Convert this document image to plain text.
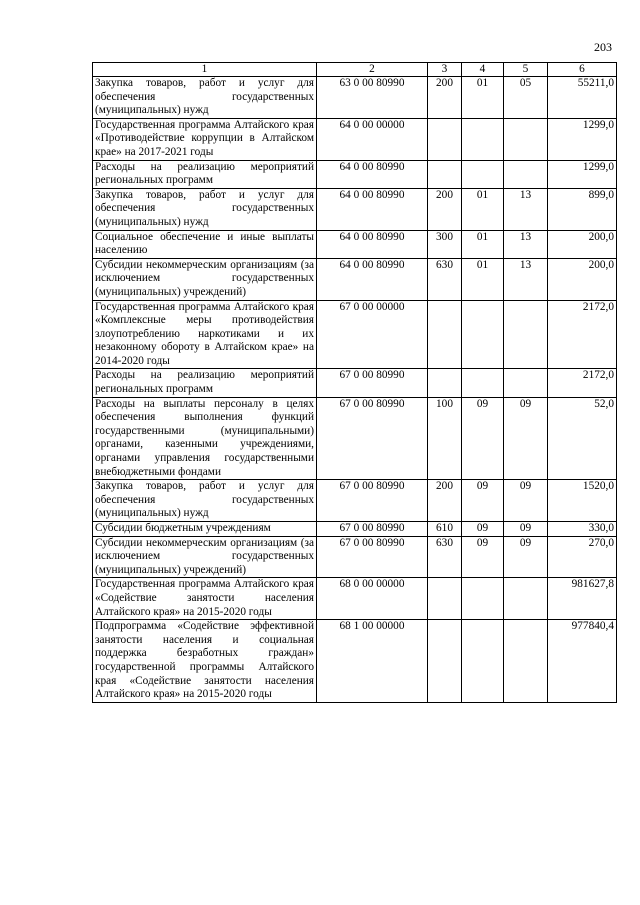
203
1	2	3	4	5	6
Закупка товаров, работ и услуг для обеспечения государственных (муниципальных) нужд	63 0 00 80990	200	01	05	55211,0
Государственная программа Алтайского края «Противодействие коррупции в Алтайском крае» на 2017-2021 годы	64 0 00 00000				1299,0
Расходы на реализацию мероприятий региональных программ	64 0 00 80990				1299,0
Закупка товаров, работ и услуг для обеспечения государственных (муниципальных) нужд	64 0 00 80990	200	01	13	899,0
Социальное обеспечение и иные выплаты населению	64 0 00 80990	300	01	13	200,0
Субсидии некоммерческим организациям (за исключением государственных (муниципальных) учреждений)	64 0 00 80990	630	01	13	200,0
Государственная программа Алтайского края «Комплексные меры противодействия злоупотреблению наркотиками и их незаконному обороту в Алтайском крае» на 2014-2020 годы	67 0 00 00000				2172,0
Расходы на реализацию мероприятий региональных программ	67 0 00 80990				2172,0
Расходы на выплаты персоналу в целях обеспечения выполнения функций государственными (муниципальными) органами, казенными учреждениями, органами управления государственными внебюджетными фондами	67 0 00 80990	100	09	09	52,0
Закупка товаров, работ и услуг для обеспечения государственных (муниципальных) нужд	67 0 00 80990	200	09	09	1520,0
Субсидии бюджетным учреждениям	67 0 00 80990	610	09	09	330,0
Субсидии некоммерческим организациям (за исключением государственных (муниципальных) учреждений)	67 0 00 80990	630	09	09	270,0
Государственная программа Алтайского края «Содействие занятости населения Алтайского края» на 2015-2020 годы	68 0 00 00000				981627,8
Подпрограмма «Содействие эффективной занятости населения и социальная поддержка безработных граждан» государственной программы Алтайского края «Содействие занятости населения Алтайского края» на 2015-2020 годы	68 1 00 00000				977840,4
